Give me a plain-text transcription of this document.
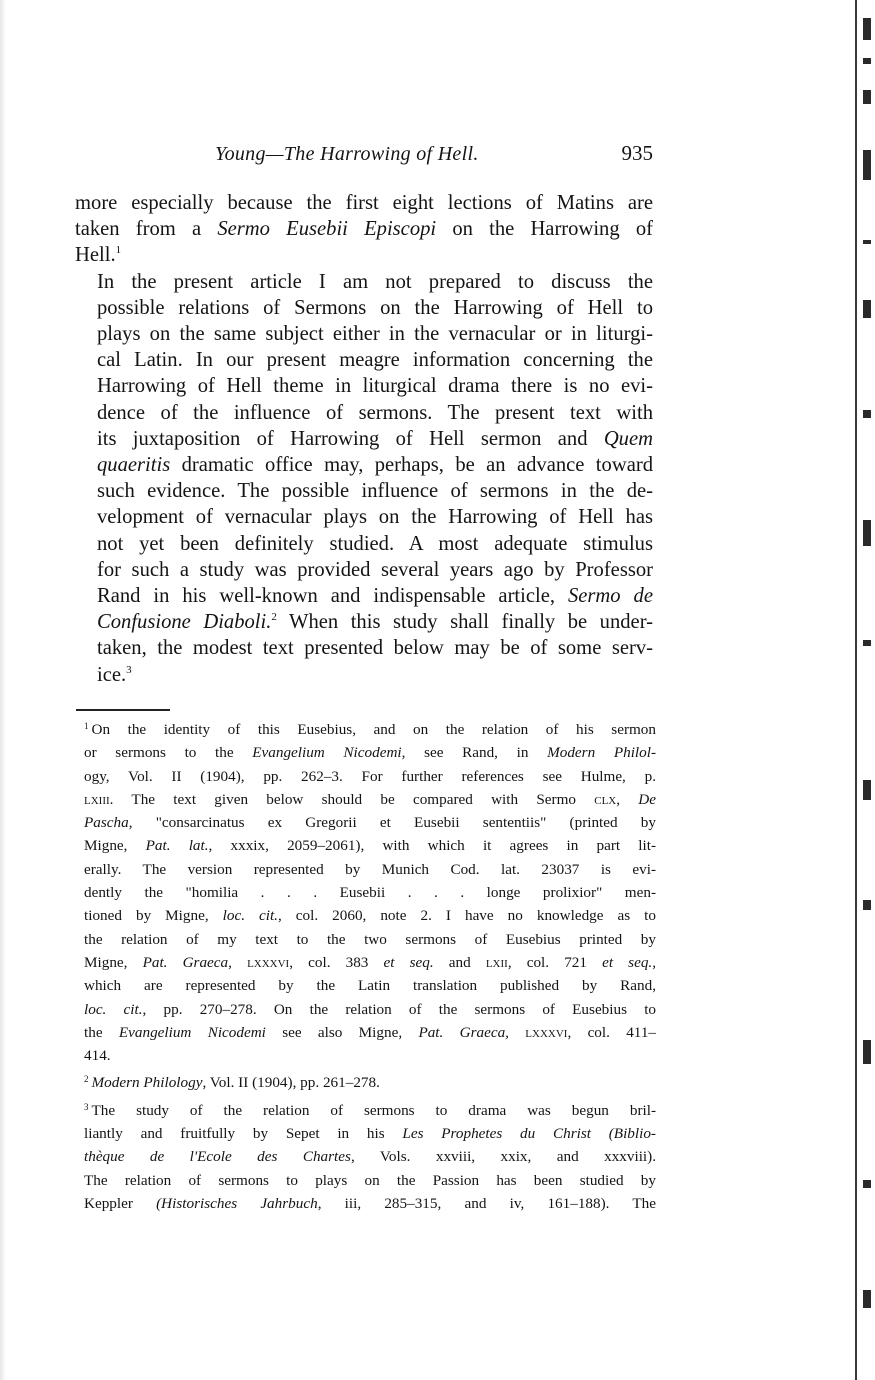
Young—The Harrowing of Hell.	935

more especially because the first eight lections of Matins are
taken from a Sermo Eusebii Episcopi on the Harrowing of
Hell.$^1$

In the present article I am not prepared to discuss the
possible relations of Sermons on the Harrowing of Hell to
plays on the same subject either in the vernacular or in liturgi-
cal Latin. In our present meagre information concerning the
Harrowing of Hell theme in liturgical drama there is no evi-
dence of the influence of sermons. The present text with
its juxtaposition of Harrowing of Hell sermon and Quem
quaeritis dramatic office may, perhaps, be an advance toward
such evidence. The possible influence of sermons in the de-
velopment of vernacular plays on the Harrowing of Hell has
not yet been definitely studied. A most adequate stimulus
for such a study was provided several years ago by Professor
Rand in his well-known and indispensable article, Sermo de
Confusione Diaboli.$^2$ When this study shall finally be under-
taken, the modest text presented below may be of some serv-
ice.$^3$

$^1$ On the identity of this Eusebius, and on the relation of his sermon
or sermons to the Evangelium Nicodemi, see Rand, in Modern Philol-
ogy, Vol. II (1904), pp. 262–3. For further references see Hulme, p.
lxiii. The text given below should be compared with Sermo clx, De
Pascha, "consarcinatus ex Gregorii et Eusebii sententiis" (printed by
Migne, Pat. lat., xxxix, 2059–2061), with which it agrees in part lit-
erally. The version represented by Munich Cod. lat. 23037 is evi-
dently the "homilia . . . Eusebii . . . longe prolixior" men-
tioned by Migne, loc. cit., col. 2060, note 2. I have no knowledge as to
the relation of my text to the two sermons of Eusebius printed by
Migne, Pat. Graeca, lxxxvi, col. 383 et seq. and lxii, col. 721 et seq.,
which are represented by the Latin translation published by Rand,
loc. cit., pp. 270–278. On the relation of the sermons of Eusebius to
the Evangelium Nicodemi see also Migne, Pat. Graeca, lxxxvi, col. 411–
414.
$^2$ Modern Philology, Vol. II (1904), pp. 261–278.
$^3$ The study of the relation of sermons to drama was begun bril-
liantly and fruitfully by Sepet in his Les Prophetes du Christ (Biblio-
thèque de l'Ecole des Chartes, Vols. xxviii, xxix, and xxxviii).
The relation of sermons to plays on the Passion has been studied by
Keppler (Historisches Jahrbuch, iii, 285–315, and iv, 161–188). The
